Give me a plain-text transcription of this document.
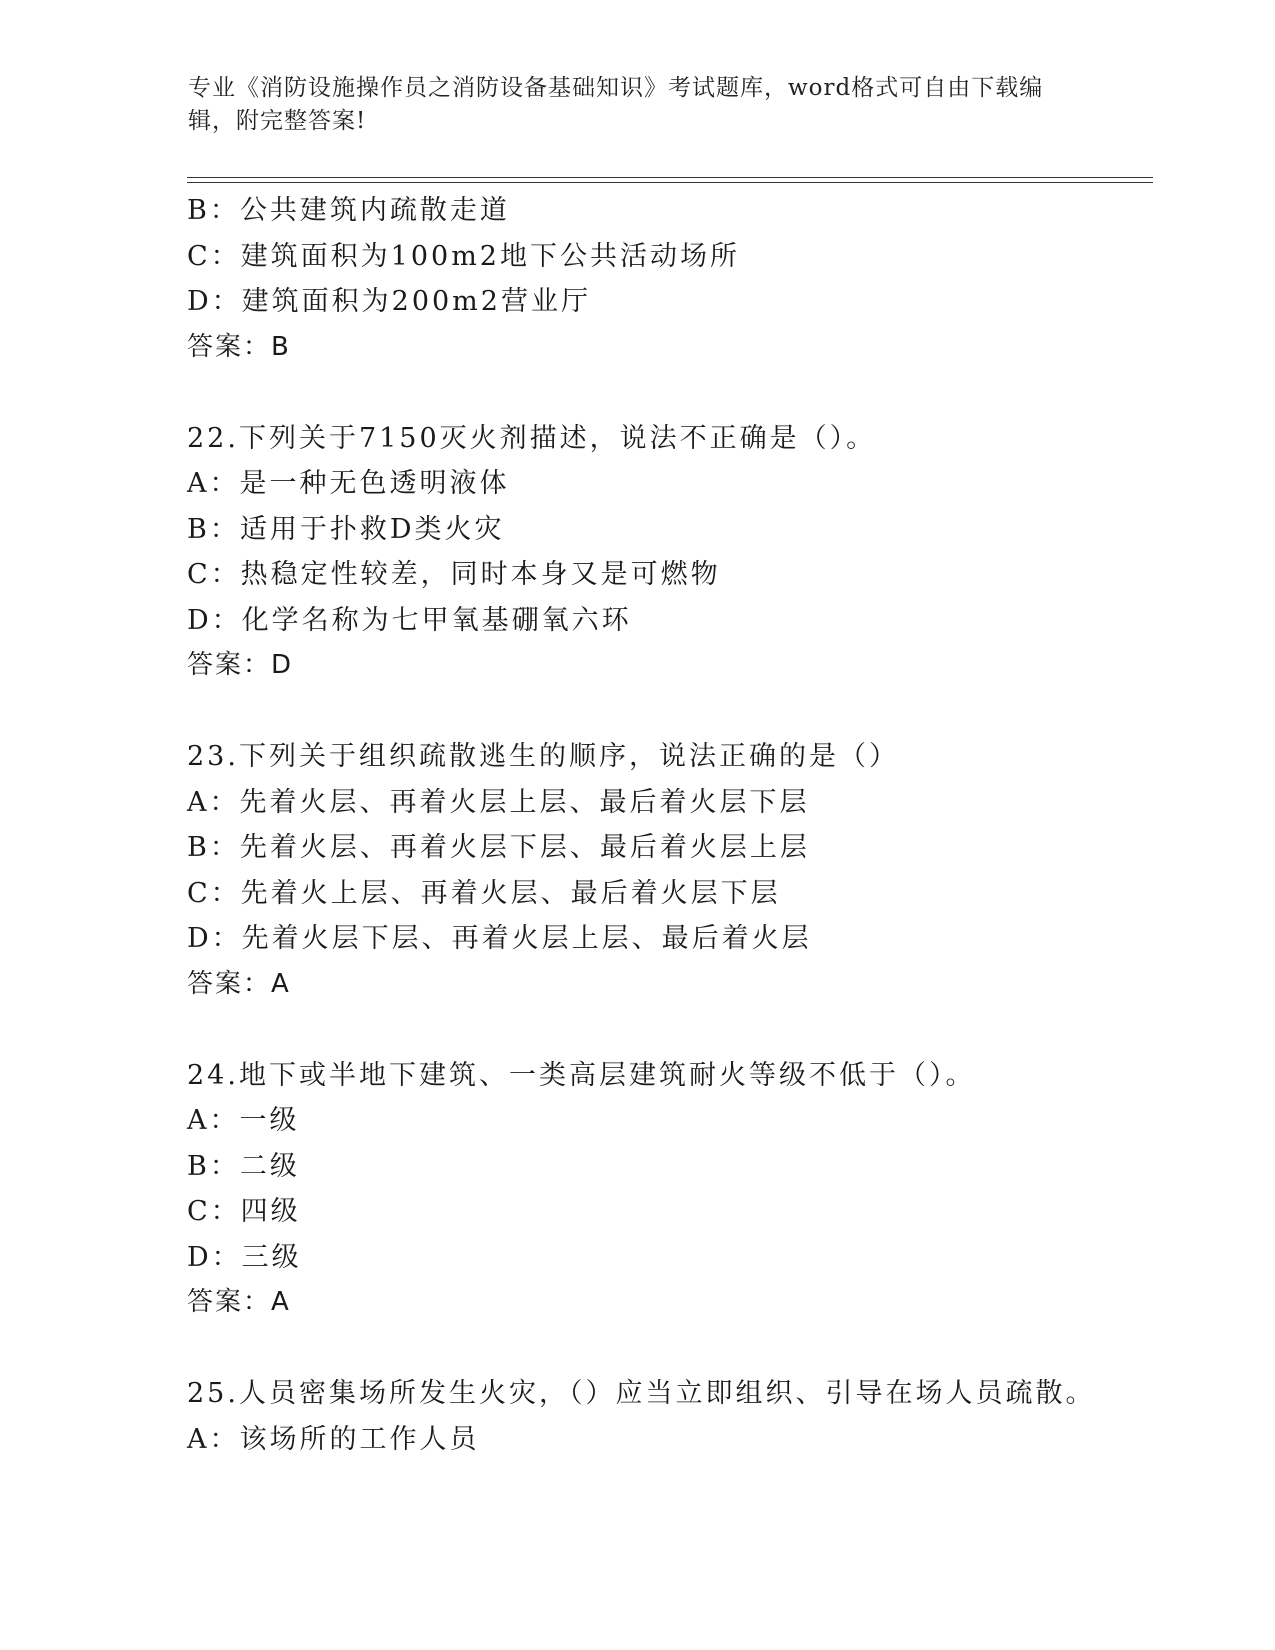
专业《消防设施操作员之消防设备基础知识》考试题库，word格式可自由下载编
辑，附完整答案!
B：公共建筑内疏散走道
C：建筑面积为100m2地下公共活动场所
D：建筑面积为200m2营业厅
答案：B
22.下列关于7150灭火剂描述，说法不正确是（）。
A：是一种无色透明液体
B：适用于扑救D类火灾
C：热稳定性较差，同时本身又是可燃物
D：化学名称为七甲氧基硼氧六环
答案：D
23.下列关于组织疏散逃生的顺序，说法正确的是（）
A：先着火层、再着火层上层、最后着火层下层
B：先着火层、再着火层下层、最后着火层上层
C：先着火上层、再着火层、最后着火层下层
D：先着火层下层、再着火层上层、最后着火层
答案：A
24.地下或半地下建筑、一类高层建筑耐火等级不低于（）。
A：一级
B：二级
C：四级
D：三级
答案：A
25.人员密集场所发生火灾，（）应当立即组织、引导在场人员疏散。
A：该场所的工作人员
